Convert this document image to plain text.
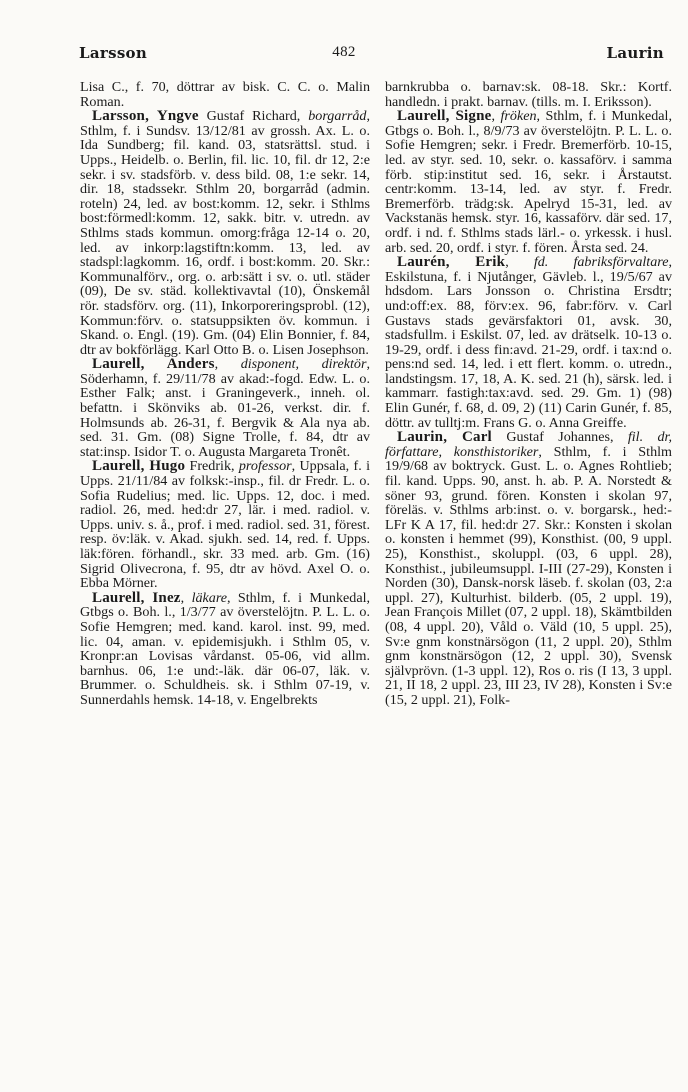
Larsson	482	Laurin

Lisa C., f. 70, döttrar av bisk. C. C. o. Malin Roman.

Larsson, Yngve Gustaf Richard, borgarråd, Sthlm, f. i Sundsv. 13/12/81 av grossh. Ax. L. o. Ida Sundberg; fil. kand. 03, statsrättsl. stud. i Upps., Heidelb. o. Berlin, fil. lic. 10, fil. dr 12, 2:e sekr. i sv. stadsförb. v. dess bild. 08, 1:e sekr. 14, dir. 18, stadssekr. Sthlm 20, borgarråd (admin. roteln) 24, led. av bost:komm. 12, sekr. i Sthlms bost:förmedl:komm. 12, sakk. bitr. v. utredn. av Sthlms stads kommun. omorg:fråga 12-14 o. 20, led. av inkorp:lagstiftn:komm. 13, led. av stadspl:lagkomm. 16, ordf. i bost:komm. 20. Skr.: Kommunalförv., org. o. arb:sätt i sv. o. utl. städer (09), De sv. städ. kollektivavtal (10), Önskemål rör. stadsförv. org. (11), Inkorporeringsprobl. (12), Kommun:förv. o. statsuppsikten öv. kommun. i Skand. o. Engl. (19). Gm. (04) Elin Bonnier, f. 84, dtr av bokförlägg. Karl Otto B. o. Lisen Josephson.

Laurell, Anders, disponent, direktör, Söderhamn, f. 29/11/78 av akad:-fogd. Edw. L. o. Esther Falk; anst. i Graningeverk., inneh. ol. befattn. i Skönviks ab. 01-26, verkst. dir. f. Holmsunds ab. 26-31, f. Bergvik & Ala nya ab. sed. 31. Gm. (08) Signe Trolle, f. 84, dtr av stat:insp. Isidor T. o. Augusta Margareta Tronêt.

Laurell, Hugo Fredrik, professor, Uppsala, f. i Upps. 21/11/84 av folksk:-insp., fil. dr Fredr. L. o. Sofia Rudelius; med. lic. Upps. 12, doc. i med. radiol. 26, med. hed:dr 27, lär. i med. radiol. v. Upps. univ. s. å., prof. i med. radiol. sed. 31, förest. resp. öv:läk. v. Akad. sjukh. sed. 14, red. f. Upps. läk:fören. förhandl., skr. 33 med. arb. Gm. (16) Sigrid Olivecrona, f. 95, dtr av hövd. Axel O. o. Ebba Mörner.

Laurell, Inez, läkare, Sthlm, f. i Munkedal, Gtbgs o. Boh. l., 1/3/77 av överstelöjtn. P. L. L. o. Sofie Hemgren; med. kand. karol. inst. 99, med. lic. 04, aman. v. epidemisjukh. i Sthlm 05, v. Kronpr:an Lovisas vårdanst. 05-06, vid allm. barnhus. 06, 1:e und:-läk. där 06-07, läk. v. Brummer. o. Schuldheis. sk. i Sthlm 07-19, v. Sunnerdahls hemsk. 14-18, v. Engelbrekts

barnkrubba o. barnav:sk. 08-18. Skr.: Kortf. handledn. i prakt. barnav. (tills. m. I. Eriksson).

Laurell, Signe, fröken, Sthlm, f. i Munkedal, Gtbgs o. Boh. l., 8/9/73 av överstelöjtn. P. L. L. o. Sofie Hemgren; sekr. i Fredr. Bremerförb. 10-15, led. av styr. sed. 10, sekr. o. kassaförv. i samma förb. stip:institut sed. 16, sekr. i Årstautst. centr:komm. 13-14, led. av styr. f. Fredr. Bremerförb. trädg:sk. Apelryd 15-31, led. av Vackstanäs hemsk. styr. 16, kassaförv. där sed. 17, ordf. i nd. f. Sthlms stads lärl.- o. yrkessk. i husl. arb. sed. 20, ordf. i styr. f. fören. Årsta sed. 24.

Laurén, Erik, fd. fabriksförvaltare, Eskilstuna, f. i Njutånger, Gävleb. l., 19/5/67 av hdsdom. Lars Jonsson o. Christina Ersdtr; und:off:ex. 88, förv:ex. 96, fabr:förv. v. Carl Gustavs stads gevärsfaktori 01, avsk. 30, stadsfullm. i Eskilst. 07, led. av drätselk. 10-13 o. 19-29, ordf. i dess fin:avd. 21-29, ordf. i tax:nd o. pens:nd sed. 14, led. i ett flert. komm. o. utredn., landstingsm. 17, 18, A. K. sed. 21 (h), särsk. led. i kammarr. fastigh:tax:avd. sed. 29. Gm. 1) (98) Elin Gunér, f. 68, d. 09, 2) (11) Carin Gunér, f. 85, döttr. av tulltj:m. Frans G. o. Anna Greiffe.

Laurin, Carl Gustaf Johannes, fil. dr, författare, konsthistoriker, Sthlm, f. i Sthlm 19/9/68 av boktryck. Gust. L. o. Agnes Rohtlieb; fil. kand. Upps. 90, anst. h. ab. P. A. Norstedt & söner 93, grund. fören. Konsten i skolan 97, föreläs. v. Sthlms arb:inst. o. v. borgarsk., hed:-LFr K A 17, fil. hed:dr 27. Skr.: Konsten i skolan o. konsten i hemmet (99), Konsthist. (00, 9 uppl. 25), Konsthist., skoluppl. (03, 6 uppl. 28), Konsthist., jubileumsuppl. I-III (27-29), Konsten i Norden (30), Dansk-norsk läseb. f. skolan (03, 2:a uppl. 27), Kulturhist. bilderb. (05, 2 uppl. 19), Jean François Millet (07, 2 uppl. 18), Skämtbilden (08, 4 uppl. 20), Våld o. Väld (10, 5 uppl. 25), Sv:e gnm konstnärsögon (11, 2 uppl. 20), Sthlm gnm konstnärsögon (12, 2 uppl. 30), Svensk självprövn. (1-3 uppl. 12), Ros o. ris (I 13, 3 uppl. 21, II 18, 2 uppl. 23, III 23, IV 28), Konsten i Sv:e (15, 2 uppl. 21), Folk-
